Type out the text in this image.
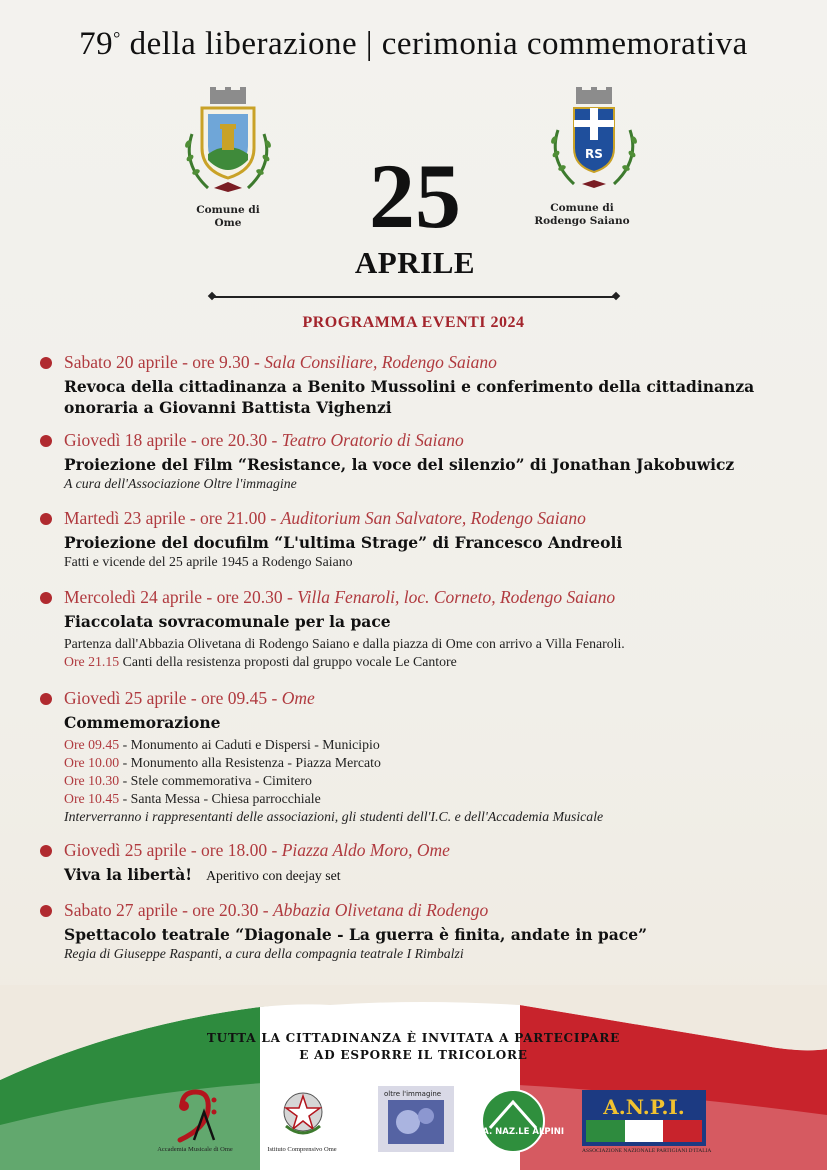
79° della liberazione | cerimonia commemorativa
Comune di
Ome
RS
Comune di
Rodengo Saiano
25
APRILE
PROGRAMMA EVENTI 2024
Sabato 20 aprile - ore 9.30 - Sala Consiliare, Rodengo Saiano
Revoca della cittadinanza a Benito Mussolini e conferimento della cittadinanza onoraria a Giovanni Battista Vighenzi
Giovedì 18 aprile - ore 20.30 - Teatro Oratorio di Saiano
Proiezione del Film “Resistance, la voce del silenzio” di Jonathan Jakobuwicz
A cura dell'Associazione Oltre l'immagine
Martedì 23 aprile - ore 21.00 - Auditorium San Salvatore, Rodengo Saiano
Proiezione del docufilm “L'ultima Strage” di Francesco Andreoli
Fatti e vicende del 25 aprile 1945 a Rodengo Saiano
Mercoledì 24 aprile - ore 20.30 - Villa Fenaroli, loc. Corneto, Rodengo Saiano
Fiaccolata sovracomunale per la pace
Partenza dall'Abbazia Olivetana di Rodengo Saiano e dalla piazza di Ome con arrivo a Villa Fenaroli.
Ore 21.15 Canti della resistenza proposti dal gruppo vocale Le Cantore
Giovedì 25 aprile - ore 09.45 - Ome
Commemorazione
Ore 09.45 - Monumento ai Caduti e Dispersi - Municipio
Ore 10.00 - Monumento alla Resistenza - Piazza Mercato
Ore 10.30 - Stele commemorativa - Cimitero
Ore 10.45 - Santa Messa - Chiesa parrocchiale
Interverranno i rappresentanti delle associazioni, gli studenti dell'I.C. e dell'Accademia Musicale
Giovedì 25 aprile - ore 18.00 - Piazza Aldo Moro, Ome
Viva la libertà! Aperitivo con deejay set
Sabato 27 aprile - ore 20.30 - Abbazia Olivetana di Rodengo
Spettacolo teatrale “Diagonale - La guerra è finita, andate in pace”
Regia di Giuseppe Raspanti, a cura della compagnia teatrale I Rimbalzi
TUTTA LA CITTADINANZA È INVITATA A PARTECIPARE
E AD ESPORRE IL TRICOLORE
Accademia Musicale di Ome	Istituto Comprensivo Ome
oltre l'immagine
A.N.A. NAZ.LE ALPINI
A.N.P.I.
ASSOCIAZIONE NAZIONALE PARTIGIANI D'ITALIA
